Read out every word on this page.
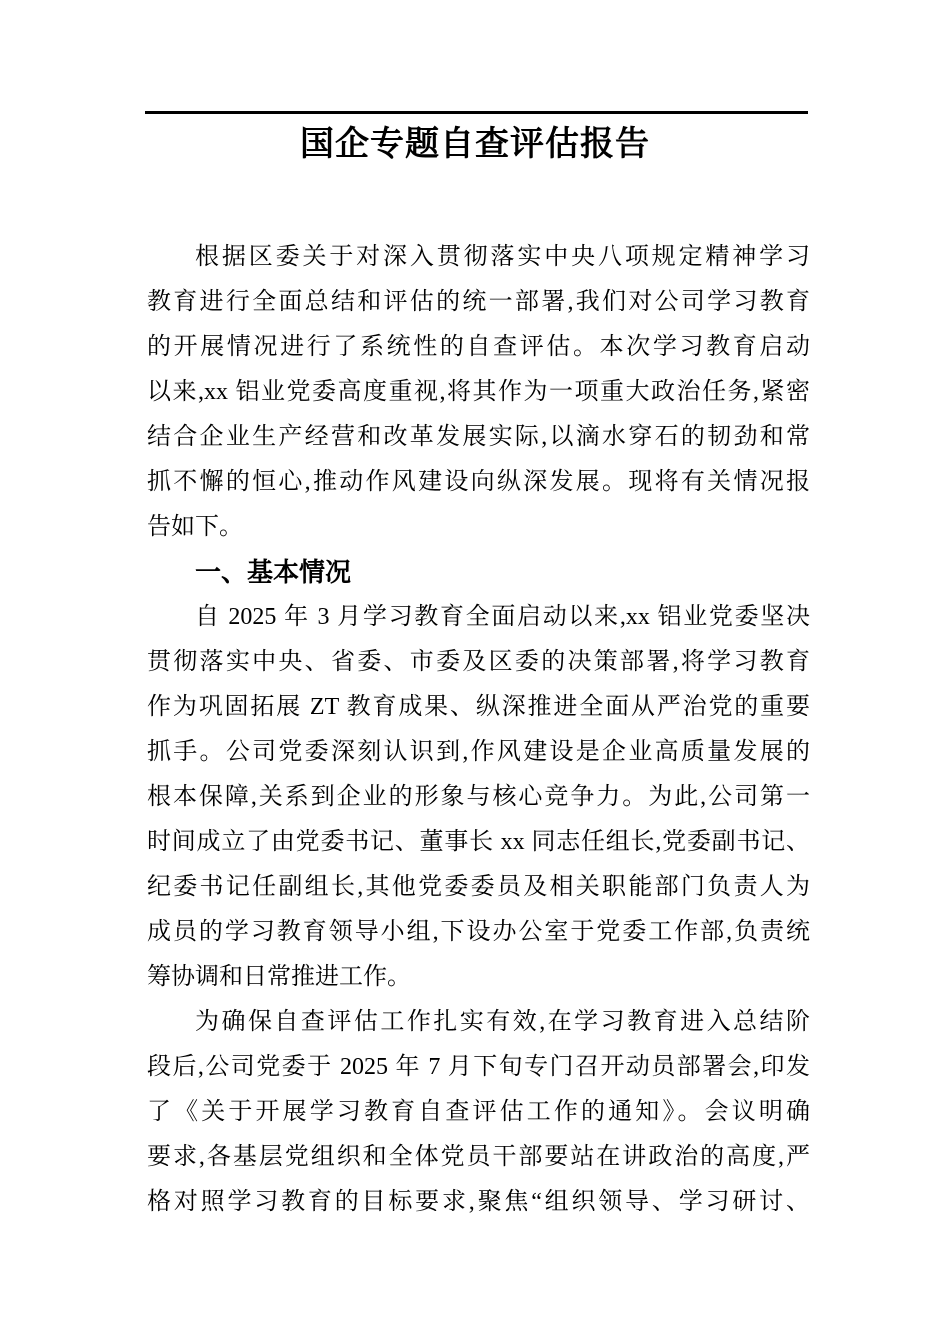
国企专题自查评估报告
根据区委关于对深入贯彻落实中央八项规定精神学习
教育进行全面总结和评估的统一部署,我们对公司学习教育
的开展情况进行了系统性的自查评估。本次学习教育启动
以来,xx 铝业党委高度重视,将其作为一项重大政治任务,紧密
结合企业生产经营和改革发展实际,以滴水穿石的韧劲和常
抓不懈的恒心,推动作风建设向纵深发展。现将有关情况报
告如下。
一、基本情况
自 2025 年 3 月学习教育全面启动以来,xx 铝业党委坚决
贯彻落实中央、省委、市委及区委的决策部署,将学习教育
作为巩固拓展 ZT 教育成果、纵深推进全面从严治党的重要
抓手。公司党委深刻认识到,作风建设是企业高质量发展的
根本保障,关系到企业的形象与核心竞争力。为此,公司第一
时间成立了由党委书记、董事长 xx 同志任组长,党委副书记、
纪委书记任副组长,其他党委委员及相关职能部门负责人为
成员的学习教育领导小组,下设办公室于党委工作部,负责统
筹协调和日常推进工作。
为确保自查评估工作扎实有效,在学习教育进入总结阶
段后,公司党委于 2025 年 7 月下旬专门召开动员部署会,印发
了《关于开展学习教育自查评估工作的通知》。会议明确
要求,各基层党组织和全体党员干部要站在讲政治的高度,严
格对照学习教育的目标要求,聚焦“组织领导、学习研讨、
